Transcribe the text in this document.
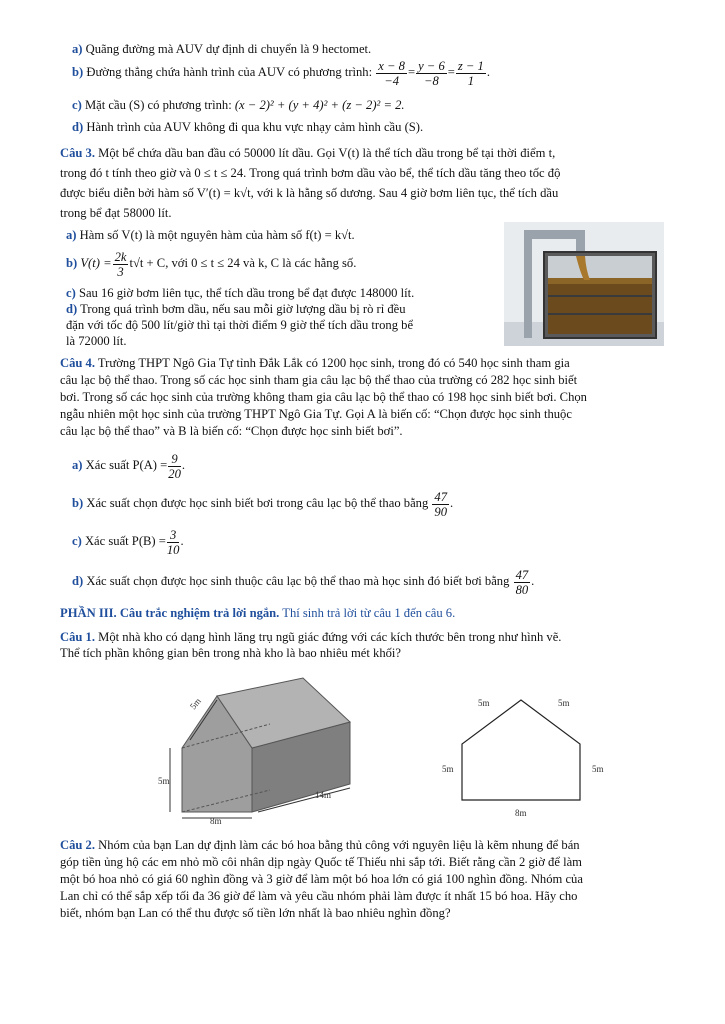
a) Quãng đường mà AUV dự định di chuyển là 9 hectomet.
b) Đường thẳng chứa hành trình của AUV có phương trình: $\frac{x - 8}{-4} = \frac{y - 6}{-8} = \frac{z - 1}{1}$ .
c) Mặt cầu (S) có phương trình: (x − 2)² + (y + 4)² + (z − 2)² = 2.
d) Hành trình của AUV không đi qua khu vực nhạy cảm hình cầu (S).
Câu 3. Một bể chứa dầu ban đầu có 50000 lít dầu. Gọi V(t) là thể tích dầu trong bể tại thời điểm t,
trong đó t tính theo giờ và 0 ≤ t ≤ 24. Trong quá trình bơm dầu vào bể, thể tích dầu tăng theo tốc độ
được biểu diễn bởi hàm số V′(t) = k√t, với k là hằng số dương. Sau 4 giờ bơm liên tục, thể tích dầu
trong bể đạt 58000 lít.
a) Hàm số V(t) là một nguyên hàm của hàm số f(t) = k√t.
b) $V(t) = \frac{2k}{3} t√t + C$, với 0 ≤ t ≤ 24 và k, C là các hằng số.
c) Sau 16 giờ bơm liên tục, thể tích dầu trong bể đạt được 148000 lít.
d) Trong quá trình bơm dầu, nếu sau mỗi giờ lượng dầu bị rò rỉ đều
đặn với tốc độ 500 lít/giờ thì tại thời điểm 9 giờ thể tích dầu trong bể
là 72000 lít.
Câu 4. Trường THPT Ngô Gia Tự tỉnh Đắk Lắk có 1200 học sinh, trong đó có 540 học sinh tham gia
câu lạc bộ thể thao. Trong số các học sinh tham gia câu lạc bộ thể thao của trường có 282 học sinh biết
bơi. Trong số các học sinh của trường không tham gia câu lạc bộ thể thao có 198 học sinh biết bơi. Chọn
ngẫu nhiên một học sinh của trường THPT Ngô Gia Tự. Gọi A là biến cố: “Chọn được học sinh thuộc
câu lạc bộ thể thao” và B là biến cố: “Chọn được học sinh biết bơi”.
a) Xác suất $P(A) = \frac{9}{20}$ .
b) Xác suất chọn được học sinh biết bơi trong câu lạc bộ thể thao bằng $\frac{47}{90}$ .
c) Xác suất $P(B) = \frac{3}{10}$ .
d) Xác suất chọn được học sinh thuộc câu lạc bộ thể thao mà học sinh đó biết bơi bằng $\frac{47}{80}$ .
PHẦN III. Câu trắc nghiệm trả lời ngắn. Thí sinh trả lời từ câu 1 đến câu 6.
Câu 1. Một nhà kho có dạng hình lăng trụ ngũ giác đứng với các kích thước bên trong như hình vẽ.
Thể tích phần không gian bên trong nhà kho là bao nhiêu mét khối?
5m
5m
8m
14m
5m	5m
5m	5m
8m
Câu 2. Nhóm của bạn Lan dự định làm các bó hoa bằng thủ công với nguyên liệu là kẽm nhung để bán
góp tiền ủng hộ các em nhỏ mồ côi nhân dịp ngày Quốc tế Thiếu nhi sắp tới. Biết rằng cần 2 giờ để làm
một bó hoa nhỏ có giá 60 nghìn đồng và 3 giờ để làm một bó hoa lớn có giá 100 nghìn đồng. Nhóm của
Lan chỉ có thể sắp xếp tối đa 36 giờ để làm và yêu cầu nhóm phải làm được ít nhất 15 bó hoa. Hãy cho
biết, nhóm bạn Lan có thể thu được số tiền lớn nhất là bao nhiêu nghìn đồng?
